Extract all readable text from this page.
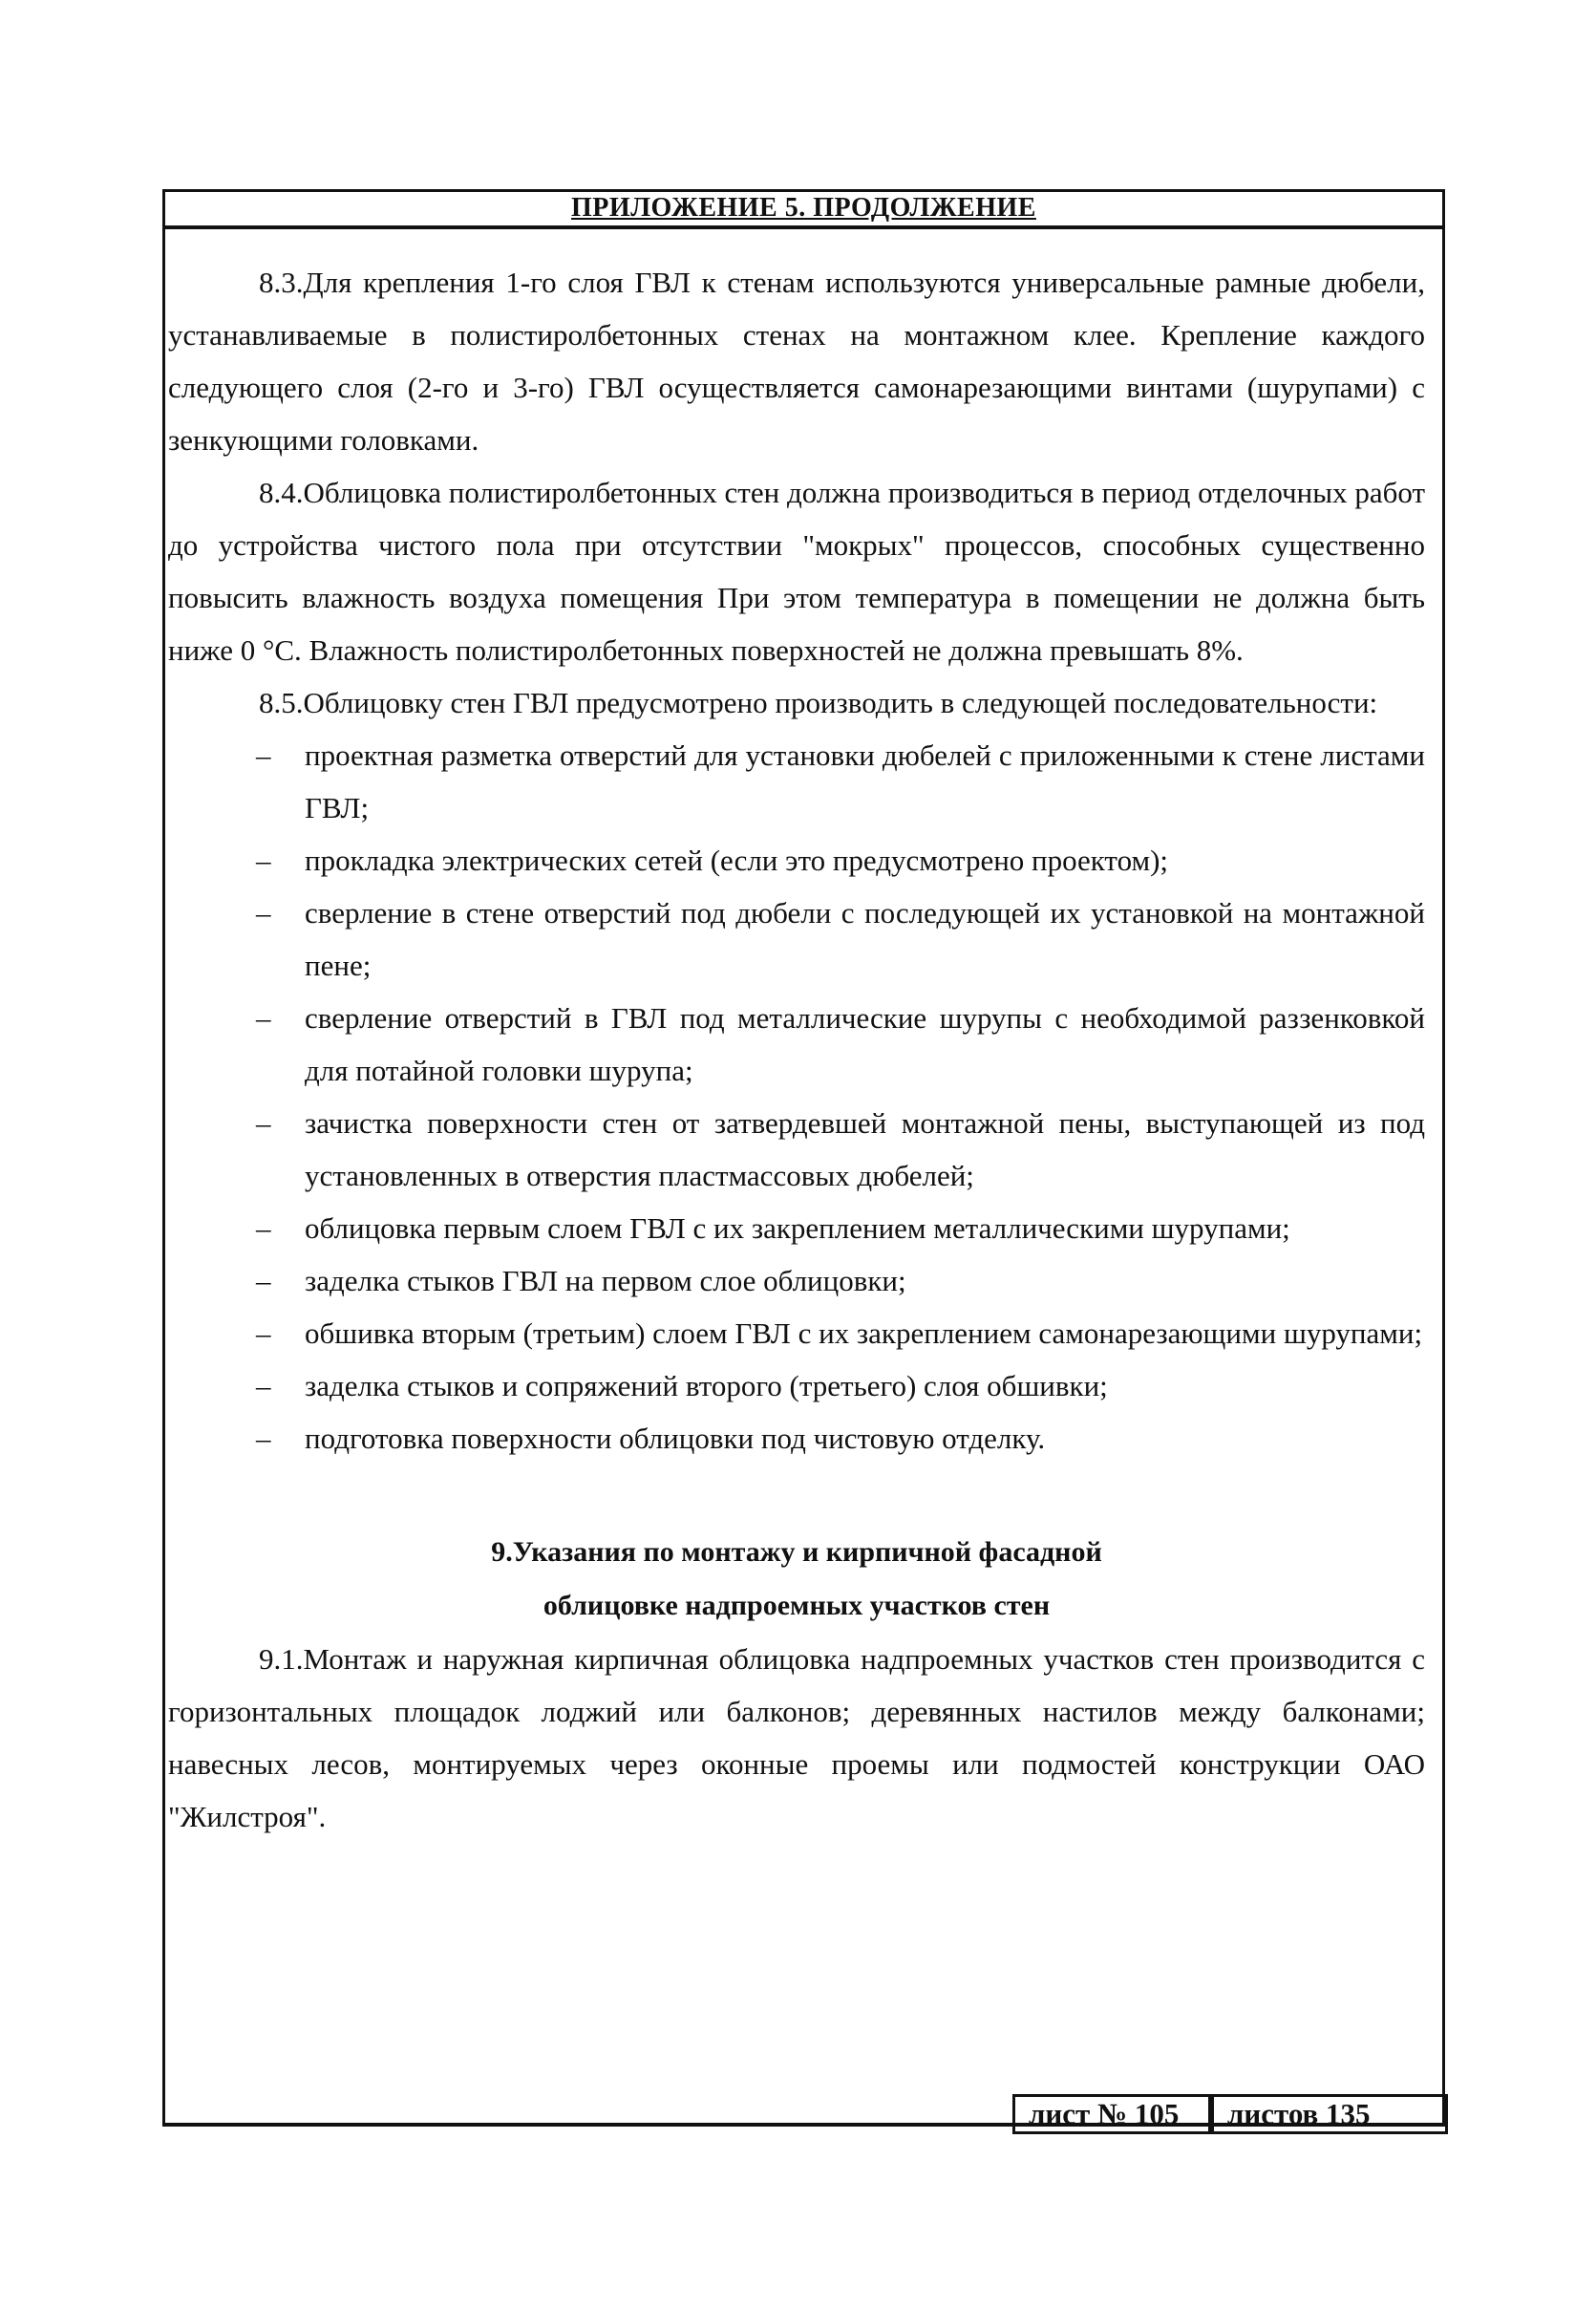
ПРИЛОЖЕНИЕ 5. ПРОДОЛЖЕНИЕ

8.3.Для крепления 1-го слоя ГВЛ к стенам используются универсальные рамные дюбели, устанавливаемые в полистиролбетонных стенах на монтажном клее. Крепление каждого следующего слоя (2-го и 3-го) ГВЛ осуществляется самонарезающими винтами (шурупами) с зенкующими головками.

8.4.Облицовка полистиролбетонных стен должна производиться в период отделочных работ до устройства чистого пола при отсутствии "мокрых" процессов, способных существенно повысить влажность воздуха помещения При этом температура в помещении не должна быть ниже 0 °С. Влажность полистиролбетонных поверхностей не должна превышать 8%.

8.5.Облицовку стен ГВЛ предусмотрено производить в следующей последовательности:

– проектная разметка отверстий для установки дюбелей с приложенными к стене листами ГВЛ;
– прокладка электрических сетей (если это предусмотрено проектом);
– сверление в стене отверстий под дюбели с последующей их установкой на монтажной пене;
– сверление отверстий в ГВЛ под металлические шурупы с необходимой раззенковкой для потайной головки шурупа;
– зачистка поверхности стен от затвердевшей монтажной пены, выступающей из под установленных в отверстия пластмассовых дюбелей;
– облицовка первым слоем ГВЛ с их закреплением металлическими шурупами;
– заделка стыков ГВЛ на первом слое облицовки;
– обшивка вторым (третьим) слоем ГВЛ с их закреплением самонарезающими шурупами;
– заделка стыков и сопряжений второго (третьего) слоя обшивки;
– подготовка поверхности облицовки под чистовую отделку.
9.Указания по монтажу и кирпичной фасадной
облицовке надпроемных участков стен

9.1.Монтаж и наружная кирпичная облицовка надпроемных участков стен производится с горизонтальных площадок лоджий или балконов; деревянных настилов между балконами; навесных лесов, монтируемых через оконные проемы или подмостей конструкции ОАО "Жилстроя".

лист № 105	листов 135
